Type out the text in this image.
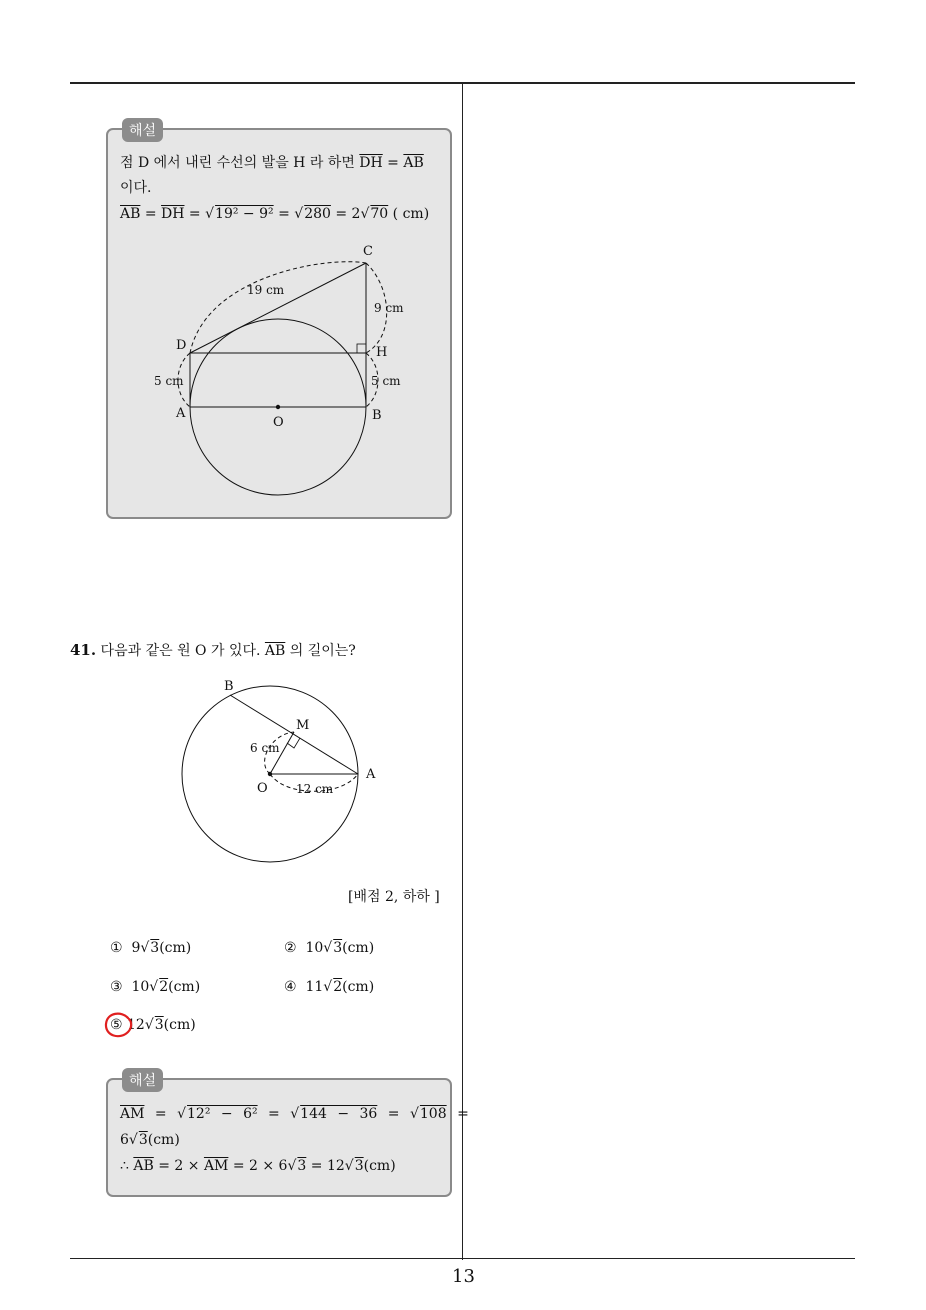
해설
점 D 에서 내린 수선의 발을 H 라 하면 $\overline{DH} = \overline{AB}$
이다.
$\overline{AB} = \overline{DH} = √19^2 - 9^2 = √280 = 2√70$ ( cm)
C
D	H
A	B
O
19 cm
9 cm
5 cm	5 cm
41. 다음과 같은 원 O 가 있다. $\overline{AB}$ 의 길이는?
B
M
O
A
6 cm
12 cm
[배점 2, 하하 ]
①  9√3(cm)	②  10√3(cm)
③  10√2(cm)	④  11√2(cm)
⑤ 12√3(cm)
해설
$\overline{AM} = √12^2 - 6^2 = √144 - 36 = √108$ =
6√3(cm)
∴ $\overline{AB} = 2 \times \overline{AM} = 2 \times 6√3 = 12√3(cm)$
13
